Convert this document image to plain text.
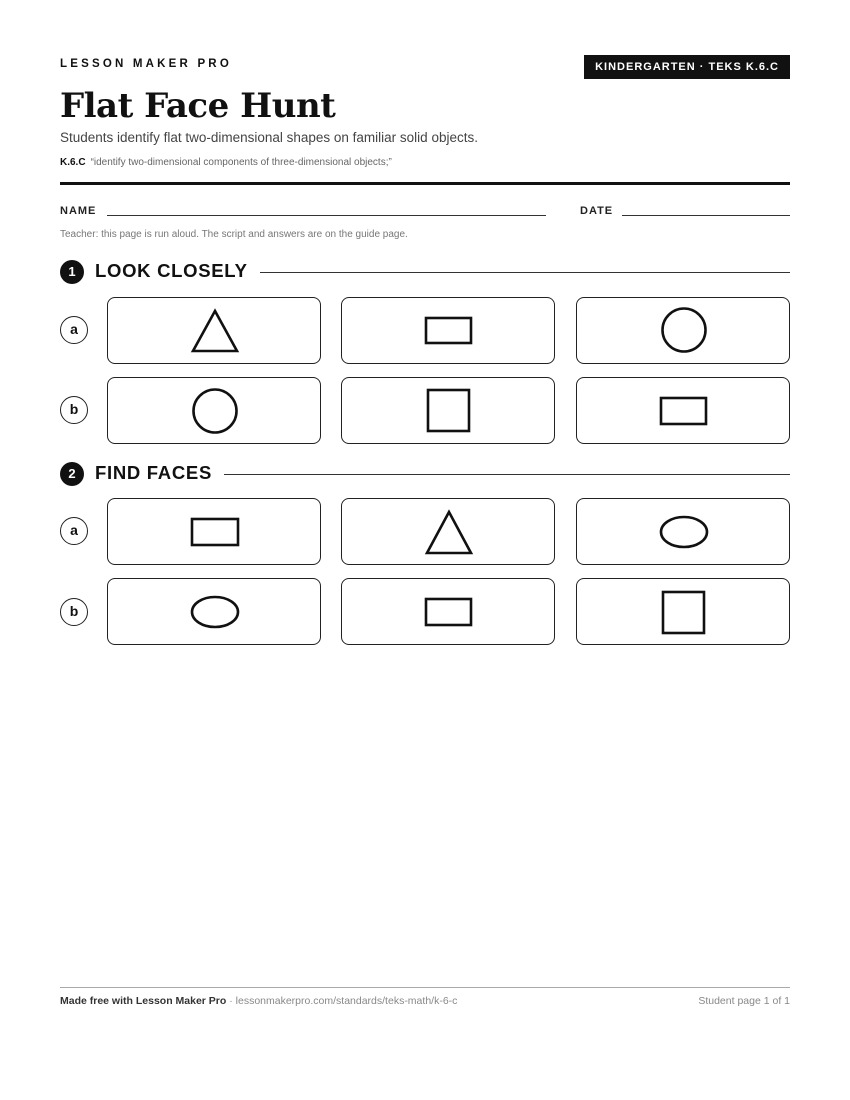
LESSON MAKER PRO	KINDERGARTEN · TEKS K.6.C
Flat Face Hunt

Students identify flat two-dimensional shapes on familiar solid objects.

K.6.C “identify two-dimensional components of three-dimensional objects;”

NAME	DATE
Teacher: this page is run aloud. The script and answers are on the guide page.
1	LOOK CLOSELY
a
b
2	FIND FACES
a
b
Made free with Lesson Maker Pro · lessonmakerpro.com/standards/teks-math/k-6-c	Student page 1 of 1
